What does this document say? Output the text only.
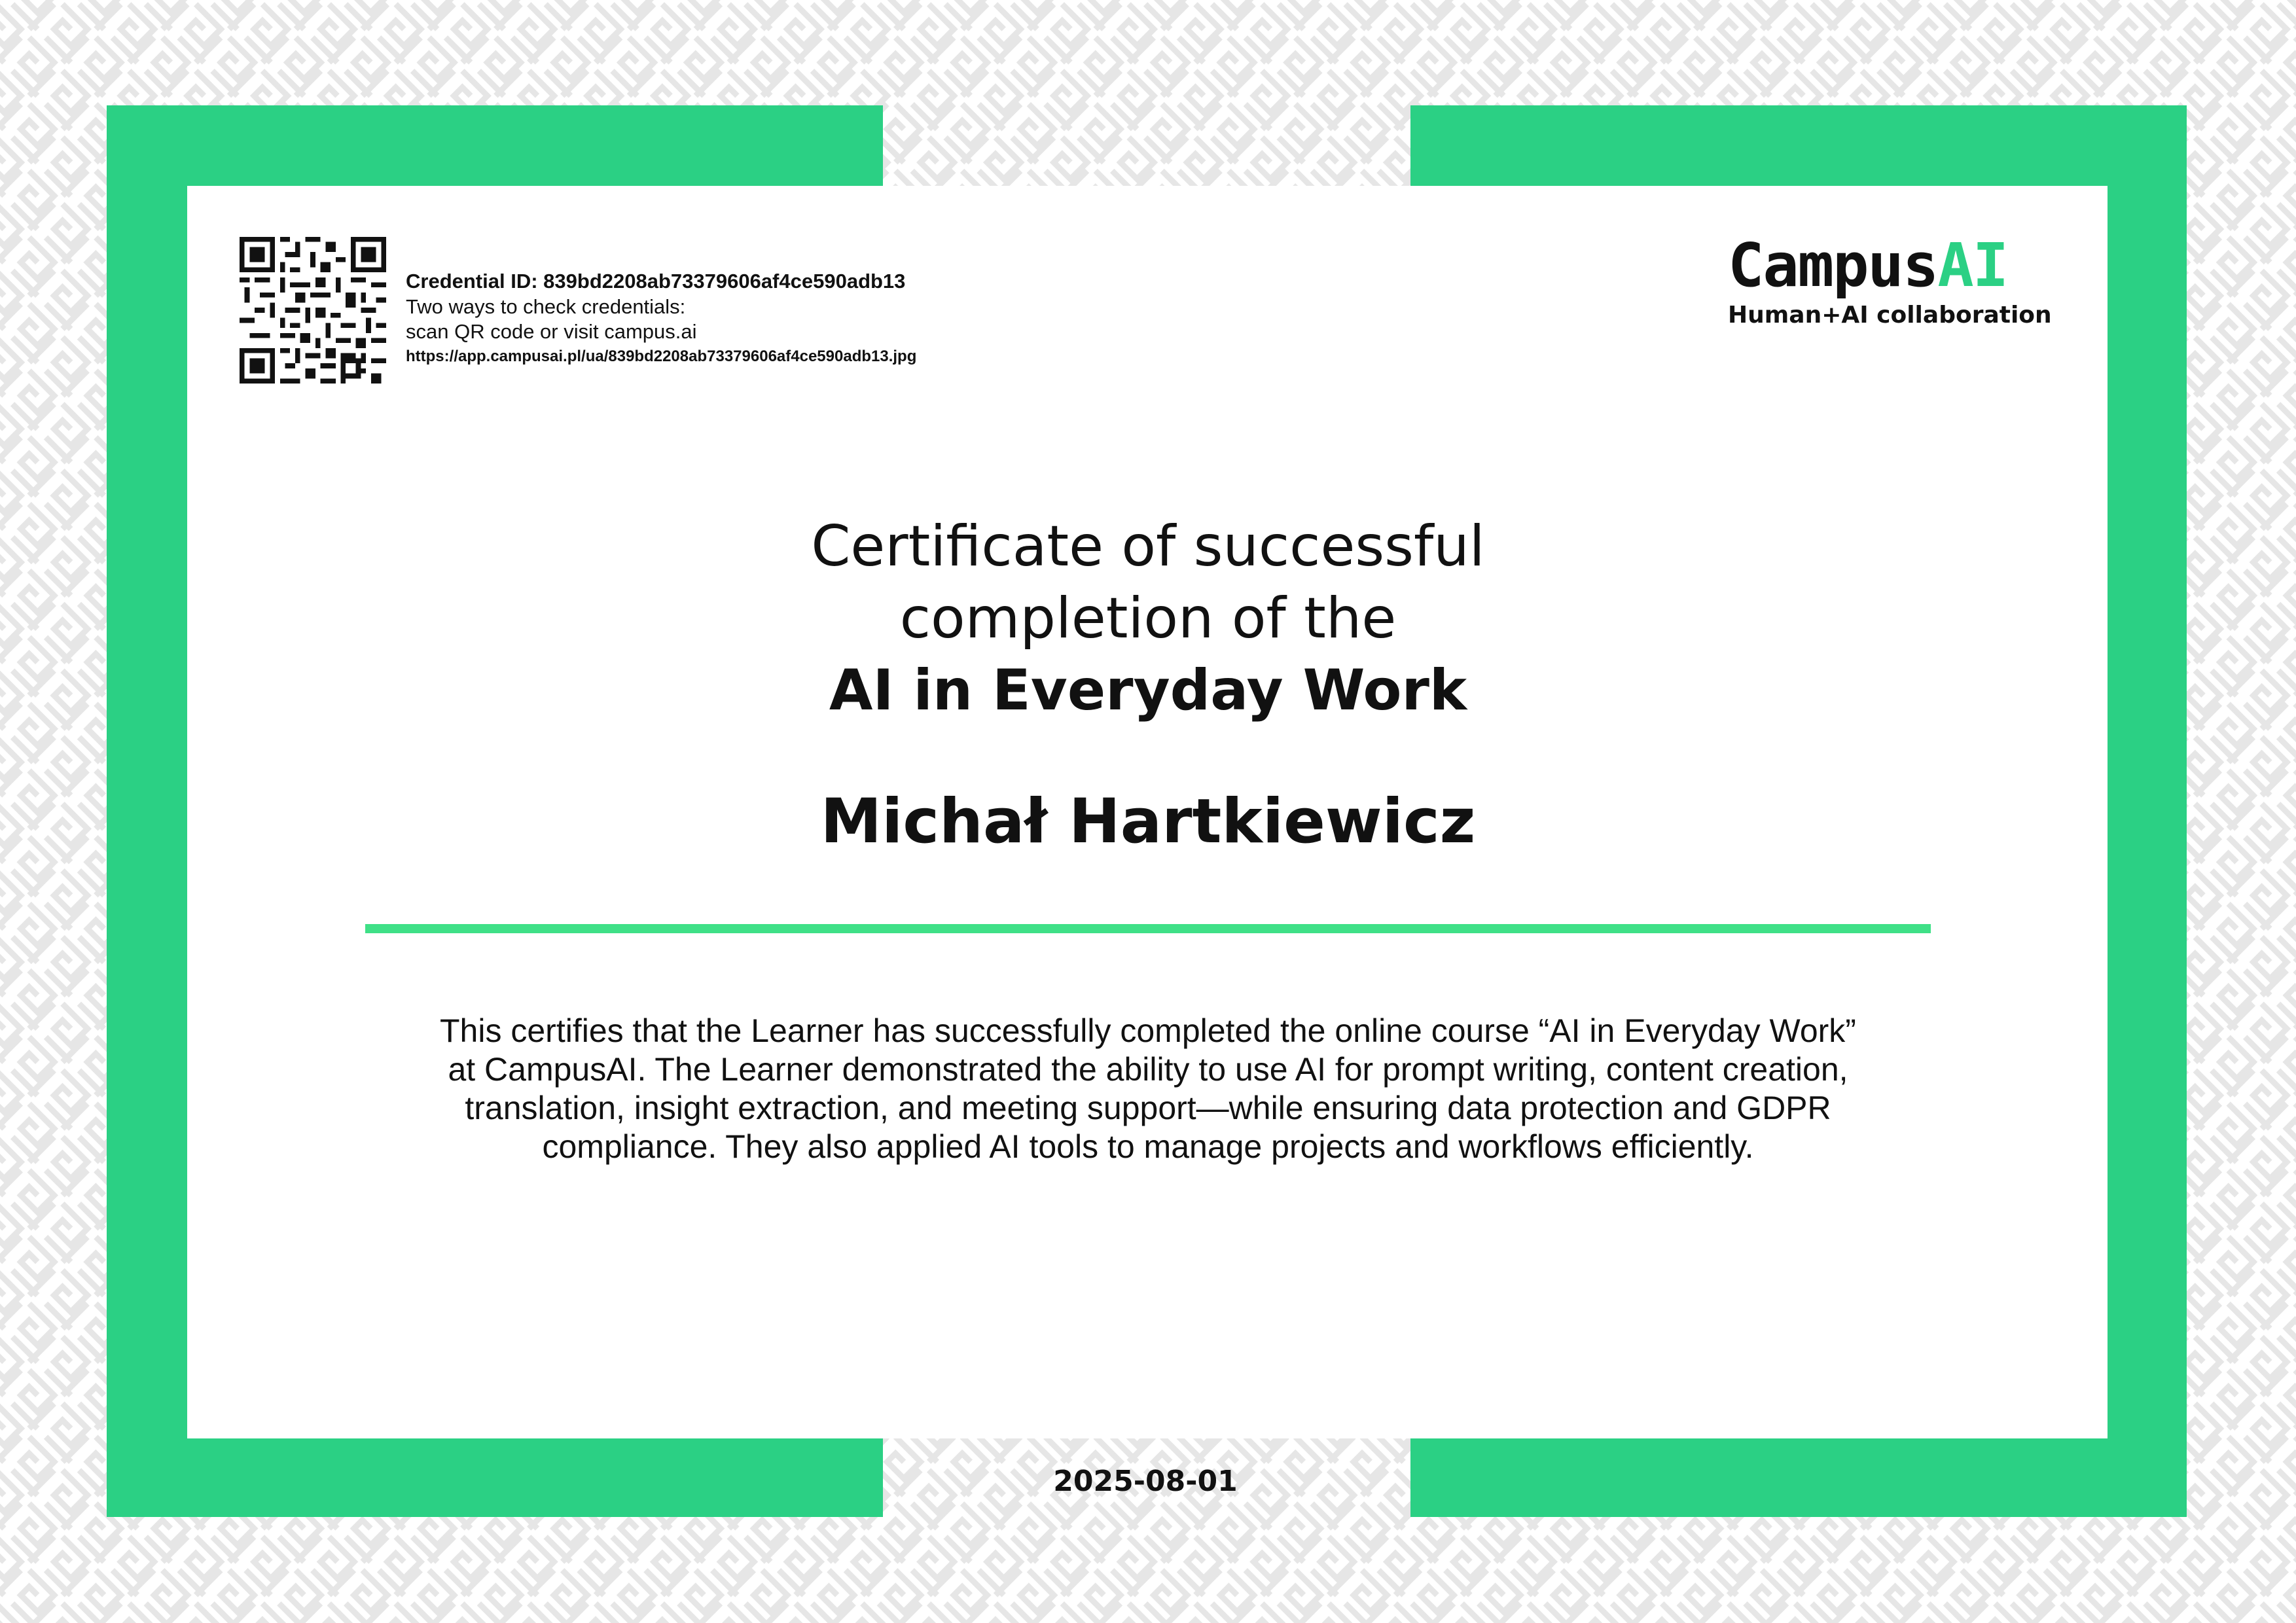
Credential ID: 839bd2208ab73379606af4ce590adb13
Two ways to check credentials:
scan QR code or visit campus.ai
https://app.campusai.pl/ua/839bd2208ab73379606af4ce590adb13.jpg
CampusAI
Human+AI collaboration
Certificate of successful
completion of the
AI in Everyday Work
Michał Hartkiewicz
This certifies that the Learner has successfully completed the online course “AI in Everyday Work” at CampusAI. The Learner demonstrated the ability to use AI for prompt writing, content creation, translation, insight extraction, and meeting support—while ensuring data protection and GDPR compliance. They also applied AI tools to manage projects and workflows efficiently.
2025-08-01
